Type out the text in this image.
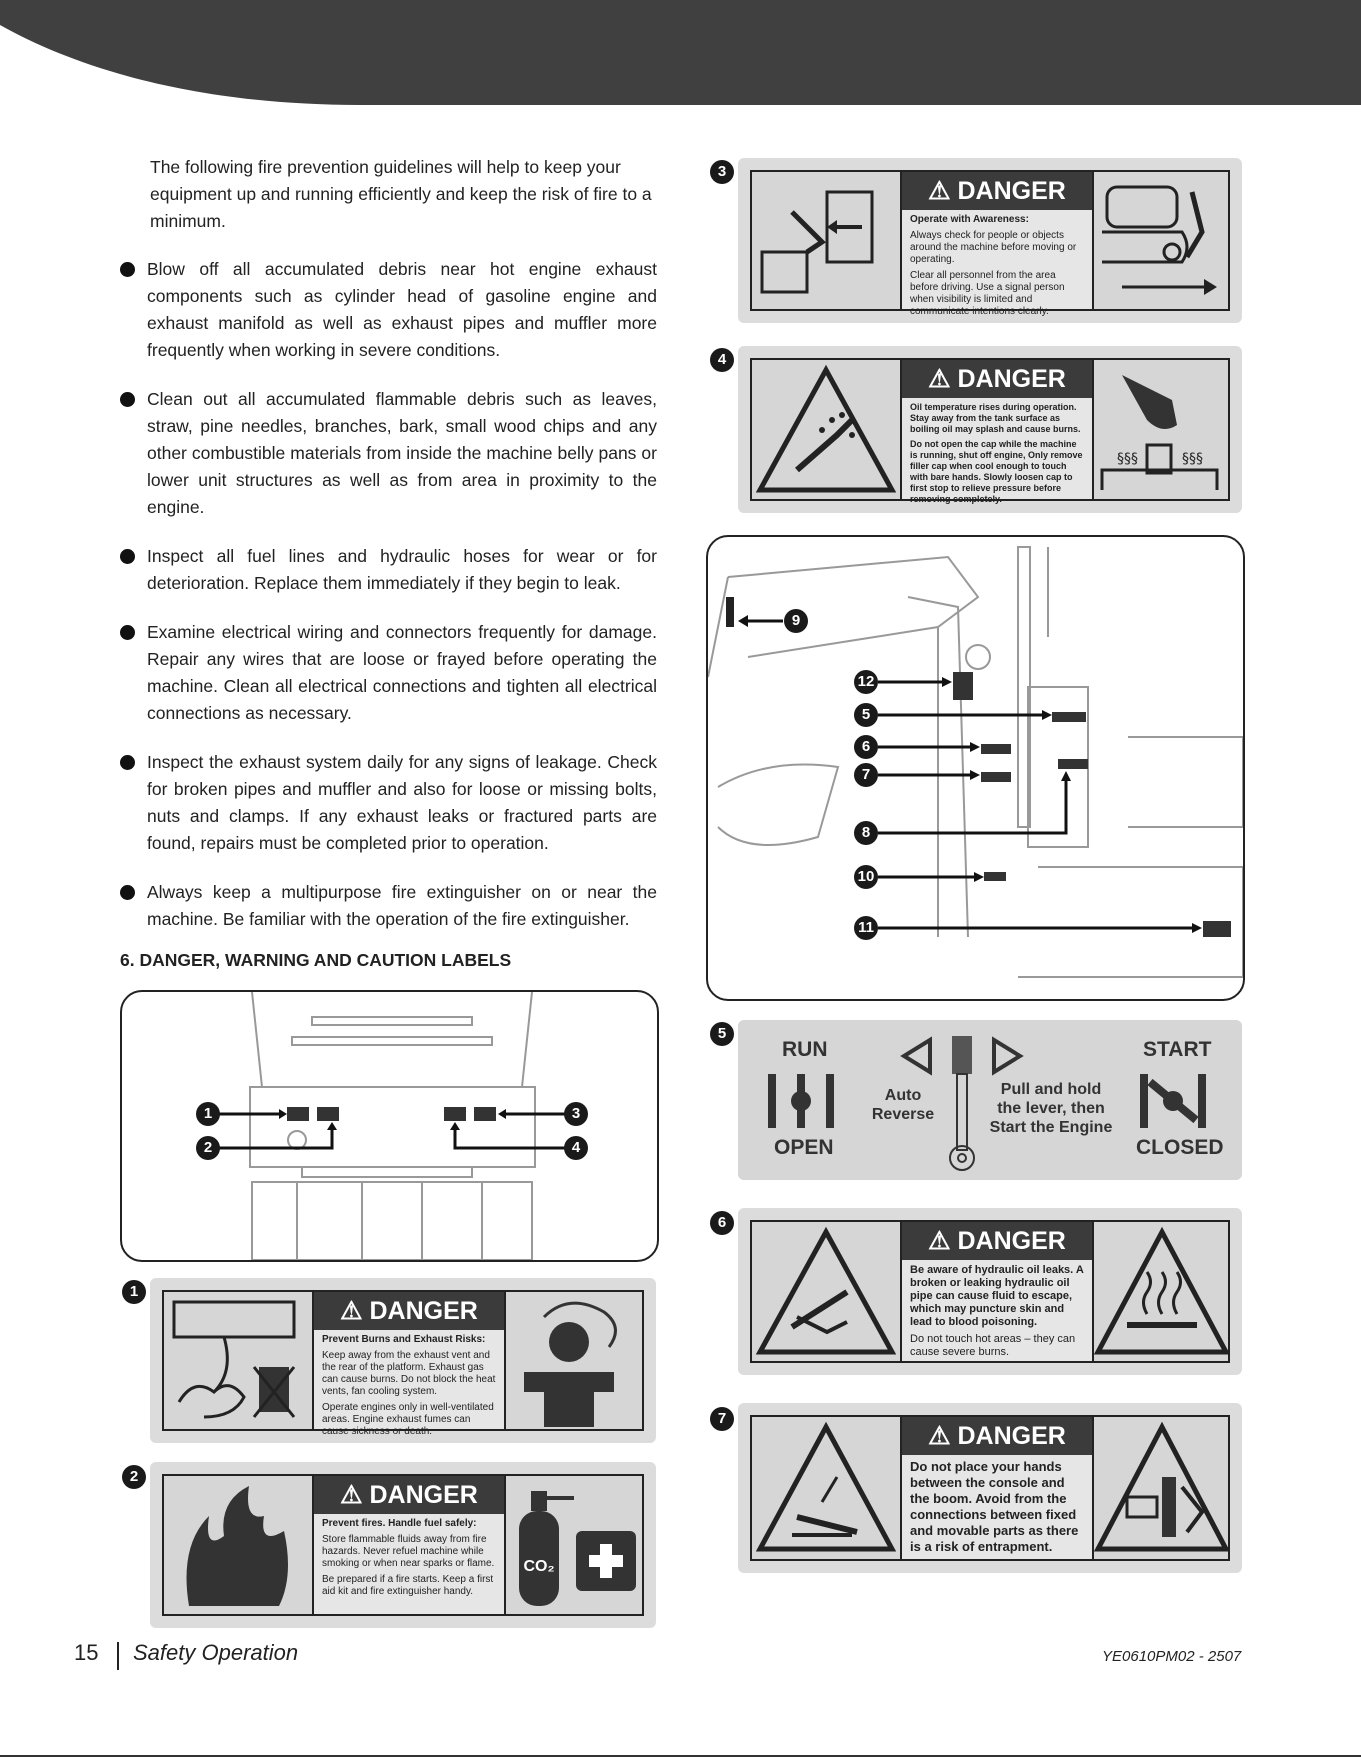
The following fire prevention guidelines will help to keep your equipment up and running efficiently and keep the risk of fire to a minimum.

Blow off all accumulated debris near hot engine exhaust components such as cylinder head of gasoline engine and exhaust manifold as well as exhaust pipes and muffler more frequently when working in severe conditions.
Clean out all accumulated flammable debris such as leaves, straw, pine needles, branches, bark, small wood chips and any other combustible materials from inside the machine belly pans or lower unit structures as well as from area in proximity to the engine.
Inspect all fuel lines and hydraulic hoses for wear or for deterioration. Replace them immediately if they begin to leak.
Examine electrical wiring and connectors frequently for damage. Repair any wires that are loose or frayed before operating the machine. Clean all electrical connections and tighten all electrical connections as necessary.
Inspect the exhaust system daily for any signs of leakage. Check for broken pipes and muffler and also for loose or missing bolts, nuts and clamps. If any exhaust leaks or fractured parts are found, repairs must be completed prior to operation.
Always keep a multipurpose fire extinguisher on or near the machine. Be familiar with the operation of the fire extinguisher.
6. DANGER, WARNING AND CAUTION LABELS
1
2
3
4
1
⚠ DANGER

Prevent Burns and Exhaust Risks:

Keep away from the exhaust vent and the rear of the platform. Exhaust gas can cause burns. Do not block the heat vents, fan cooling system.

Operate engines only in well-ventilated areas. Engine exhaust fumes can cause sickness or death.

2
⚠ DANGER

Prevent fires. Handle fuel safely:

Store flammable fluids away from fire hazards. Never refuel machine while smoking or when near sparks or flame.

Be prepared if a fire starts. Keep a first aid kit and fire extinguisher handy.

CO₂
3
⚠ DANGER

Operate with Awareness:

Always check for people or objects around the machine before moving or operating.

Clear all personnel from the area before driving. Use a signal person when visibility is limited and communicate intentions clearly.

4
⚠ DANGER

Oil temperature rises during operation. Stay away from the tank surface as boiling oil may splash and cause burns.

Do not open the cap while the machine is running, shut off engine, Only remove filler cap when cool enough to touch with bare hands. Slowly loosen cap to first stop to relieve pressure before removing completely.

§§§	§§§
9
12
5
6
7
8
10
11
5
RUN
OPEN
START
CLOSED
Auto
Reverse
Pull and hold
the lever, then
Start the Engine
6
⚠ DANGER

Be aware of hydraulic oil leaks. A broken or leaking hydraulic oil pipe can cause fluid to escape, which may puncture skin and lead to blood poisoning.

Do not touch hot areas – they can cause severe burns.

7
⚠ DANGER

Do not place your hands between the console and the boom. Avoid from the connections between fixed and movable parts as there is a risk of entrapment.

15 Safety Operation	YE0610PM02 - 2507
